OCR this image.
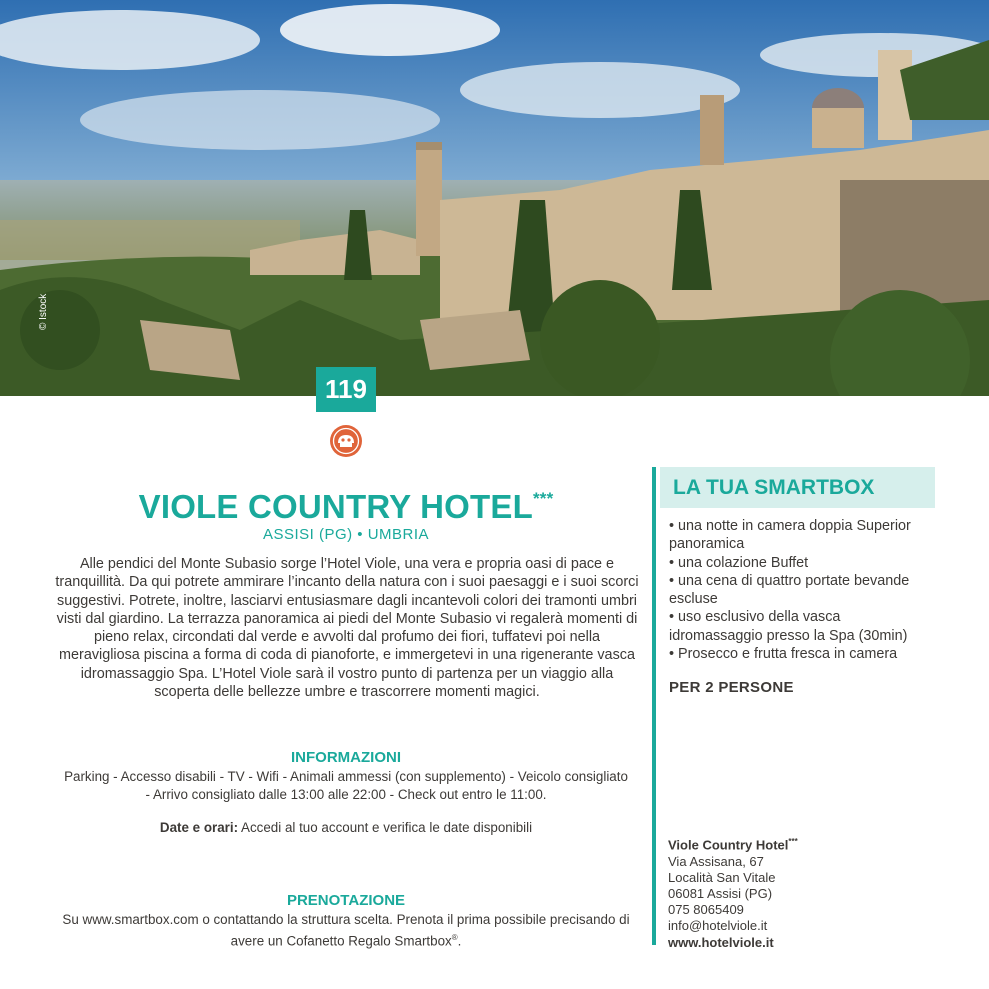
© Istock
119
VIOLE COUNTRY HOTEL***
ASSISI (PG) • UMBRIA
Alle pendici del Monte Subasio sorge l’Hotel Viole, una vera e propria oasi di pace e tranquillità. Da qui potrete ammirare l’incanto della natura con i suoi paesaggi e i suoi scorci suggestivi. Potrete, inoltre, lasciarvi entusiasmare dagli incantevoli colori dei tramonti umbri visti dal giardino. La terrazza panoramica ai piedi del Monte Subasio vi regalerà momenti di pieno relax, circondati dal verde e avvolti dal profumo dei fiori, tuffatevi poi nella meravigliosa piscina a forma di coda di pianoforte, e immergetevi in una rigenerante vasca idromassaggio Spa. L’Hotel Viole sarà il vostro punto di partenza per un viaggio alla scoperta delle bellezze umbre e trascorrere momenti magici.
INFORMAZIONI
Parking - Accesso disabili - TV - Wifi - Animali ammessi (con supplemento) - Veicolo consigliato - Arrivo consigliato dalle 13:00 alle 22:00 - Check out entro le 11:00.
Date e orari: Accedi al tuo account e verifica le date disponibili
PRENOTAZIONE
Su www.smartbox.com o contattando la struttura scelta. Prenota il prima possibile precisando di avere un Cofanetto Regalo Smartbox®.
LA TUA SMARTBOX
• una notte in camera doppia Superior panoramica
• una colazione Buffet
• una cena di quattro portate bevande escluse
• uso esclusivo della vasca idromassaggio presso la Spa (30min)
• Prosecco e frutta fresca in camera
PER 2 PERSONE
Viole Country Hotel***
Via Assisana, 67
Località San Vitale
06081 Assisi (PG)
075 8065409
info@hotelviole.it
www.hotelviole.it
